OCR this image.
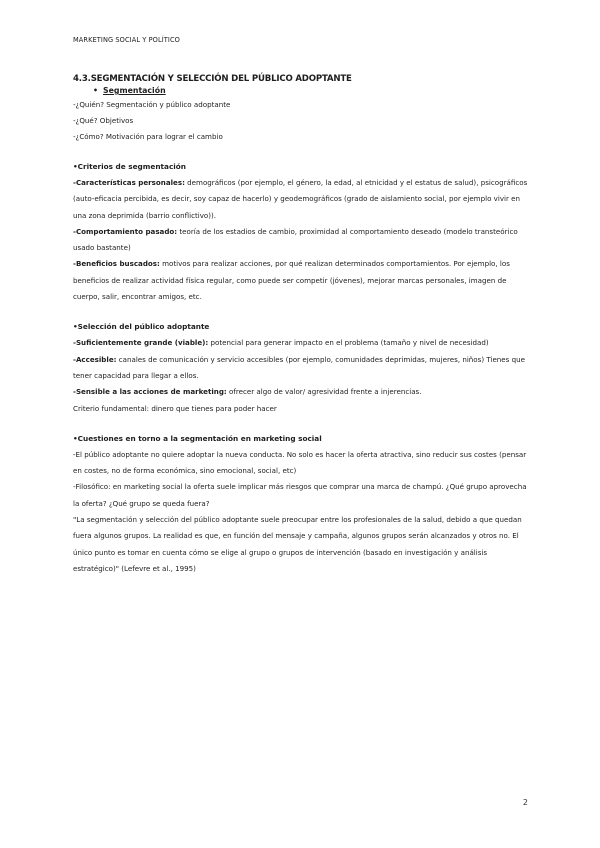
MARKETING SOCIAL Y POLÍTICO
4.3.SEGMENTACIÓN Y SELECCIÓN DEL PÚBLICO ADOPTANTE
• Segmentación
-¿Quién? Segmentación y público adoptante
-¿Qué? Objetivos
-¿Cómo? Motivación para lograr el cambio
•Criterios de segmentación
-Características personales: demográficos (por ejemplo, el género, la edad, al etnicidad y el estatus de salud), psicográficos (auto-eficacia percibida, es decir, soy capaz de hacerlo) y geodemográficos (grado de aislamiento social, por ejemplo vivir en una zona deprimida (barrio conflictivo)).
-Comportamiento pasado: teoría de los estadios de cambio, proximidad al comportamiento deseado (modelo transteórico usado bastante)
-Beneficios buscados: motivos para realizar acciones, por qué realizan determinados comportamientos. Por ejemplo, los beneficios de realizar actividad física regular, como puede ser competir (jóvenes), mejorar marcas personales, imagen de cuerpo, salir, encontrar amigos, etc.
•Selección del público adoptante
-Suficientemente grande (viable): potencial para generar impacto en el problema (tamaño y nivel de necesidad)
-Accesible: canales de comunicación y servicio accesibles (por ejemplo, comunidades deprimidas, mujeres, niños) Tienes que tener capacidad para llegar a ellos.
-Sensible a las acciones de marketing: ofrecer algo de valor/ agresividad frente a injerencias.
Criterio fundamental: dinero que tienes para poder hacer
•Cuestiones en torno a la segmentación en marketing social
-El público adoptante no quiere adoptar la nueva conducta. No solo es hacer la oferta atractiva, sino reducir sus costes (pensar en costes, no de forma económica, sino emocional, social, etc)
-Filosófico: en marketing social la oferta suele implicar más riesgos que comprar una marca de champú. ¿Qué grupo aprovecha la oferta? ¿Qué grupo se queda fuera?
"La segmentación y selección del público adoptante suele preocupar entre los profesionales de la salud, debido a que quedan fuera algunos grupos. La realidad es que, en función del mensaje y campaña, algunos grupos serán alcanzados y otros no. El único punto es tomar en cuenta cómo se elige al grupo o grupos de intervención (basado en investigación y análisis estratégico)" (Lefevre et al., 1995)
2
